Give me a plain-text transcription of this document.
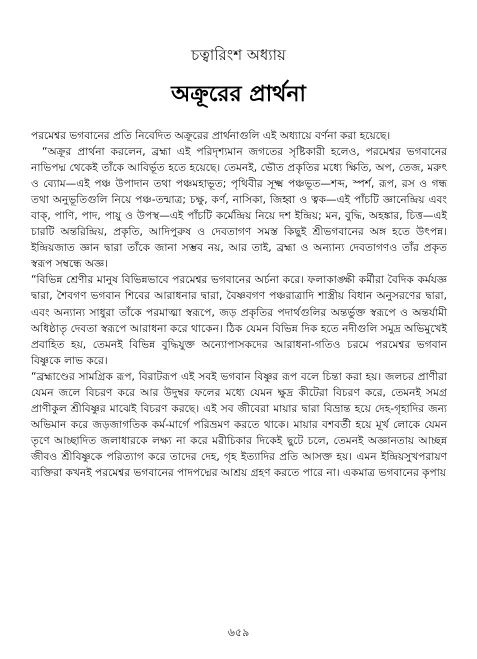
চত্বারিংশ অধ্যায়
অক্রূরের প্রার্থনা

পরমেশ্বর ভগবানের প্রতি নিবেদিত অক্রূরের প্রার্থনাগুলি এই অধ্যায়ে বর্ণনা করা হয়েছে।

“অক্রূর প্রার্থনা করলেন, ব্রহ্মা এই পরিদৃশ্যমান জগতের সৃষ্টিকারী হলেও, পরমেশ্বর ভগবানের নাভিপদ্ম থেকেই তাঁকে আবির্ভূত হতে হয়েছে। তেমনই, ভৌত প্রকৃতির মধ্যে ক্ষিতি, অপ, তেজ, মরুৎ ও ব্যোম—এই পঞ্চ উপাদান তথা পঞ্চমহাভূত; পৃথিবীর সূক্ষ্ম পঞ্চভূত—শব্দ, স্পর্শ, রূপ, রস ও গন্ধ তথা অনুভূতিগুলি নিয়ে পঞ্চ-তন্মাত্র; চক্ষু, কর্ণ, নাসিকা, জিহ্বা ও ত্বক—এই পাঁচটি জ্ঞানেন্দ্রিয় এবং বাক্, পাণি, পাদ, পায়ু ও উপস্থ—এই পাঁচটি কর্মেন্দ্রিয় নিয়ে দশ ইন্দ্রিয়; মন, বুদ্ধি, অহঙ্কার, চিত্ত—এই চারটি অন্তরিন্দ্রিয়, প্রকৃতি, আদিপুরুষ ও দেবতাগণ সমস্ত কিছুই শ্রীভগবানের অঙ্গ হতে উৎপন্ন। ইন্দ্রিয়জাত জ্ঞান দ্বারা তাঁকে জানা সম্ভব নয়, আর তাই, ব্রহ্মা ও অন্যান্য দেবতাগণও তাঁর প্রকৃত স্বরূপ সম্বন্ধে অজ্ঞ।

“বিভিন্ন শ্রেণীর মানুষ বিভিন্নভাবে পরমেশ্বর ভগবানের অর্চনা করে। ফলাকাঙ্ক্ষী কর্মীরা বৈদিক কর্মযজ্ঞ দ্বারা, শৈবগণ ভগবান শিবের আরাধনার দ্বারা, বৈষ্ণবগণ পঞ্চরাত্রাদি শাস্ত্রীয় বিধান অনুসরণের দ্বারা, এবং অন্যান্য সাধুরা তাঁকে পরমাত্মা স্বরূপে, জড় প্রকৃতির পদার্থগুলির অন্তর্ভুক্ত স্বরূপে ও অন্তর্যামী অধিষ্ঠাতৃ দেবতা স্বরূপে আরাধনা করে থাকেন। ঠিক যেমন বিভিন্ন দিক হতে নদীগুলি সমুদ্র অভিমুখেই প্রবাহিত হয়, তেমনই বিভিন্ন বুদ্ধিযুক্ত অন্যোপাসকদের আরাধনা-গতিও চরমে পরমেশ্বর ভগবান বিষ্ণুকে লাভ করে।

“ব্রহ্মাণ্ডের সামগ্রিক রূপ, বিরাটরূপ এই সবই ভগবান বিষ্ণুর রূপ বলে চিন্তা করা হয়। জলচর প্রাণীরা যেমন জলে বিচরণ করে আর উদুম্বর ফলের মধ্যে যেমন ক্ষুদ্র কীটেরা বিচরণ করে, তেমনই সমগ্র প্রাণীকুল শ্রীবিষ্ণুর মাঝেই বিচরণ করছে। এই সব জীবেরা মায়ার দ্বারা বিভ্রান্ত হয়ে দেহ-গৃহাদির জন্য অভিমান করে জড়জাগতিক কর্ম-মার্গে পরিভ্রমণ করতে থাকে। মায়ার বশবর্তী হয়ে মূর্খ লোকে যেমন তৃণে আচ্ছাদিত জলাধারকে লক্ষ্য না করে মরীচিকার দিকেই ছুটে চলে, তেমনই অজ্ঞানতায় আচ্ছন্ন জীবও শ্রীবিষ্ণুকে পরিত্যাগ করে তাদের দেহ, গৃহ ইত্যাদির প্রতি আসক্ত হয়। এমন ইন্দ্রিয়সুখপরায়ণ ব্যক্তিরা কখনই পরমেশ্বর ভগবানের পাদপদ্মের আশ্রয় গ্রহণ করতে পারে না। একমাত্র ভগবানের কৃপায়

৬৫৯
